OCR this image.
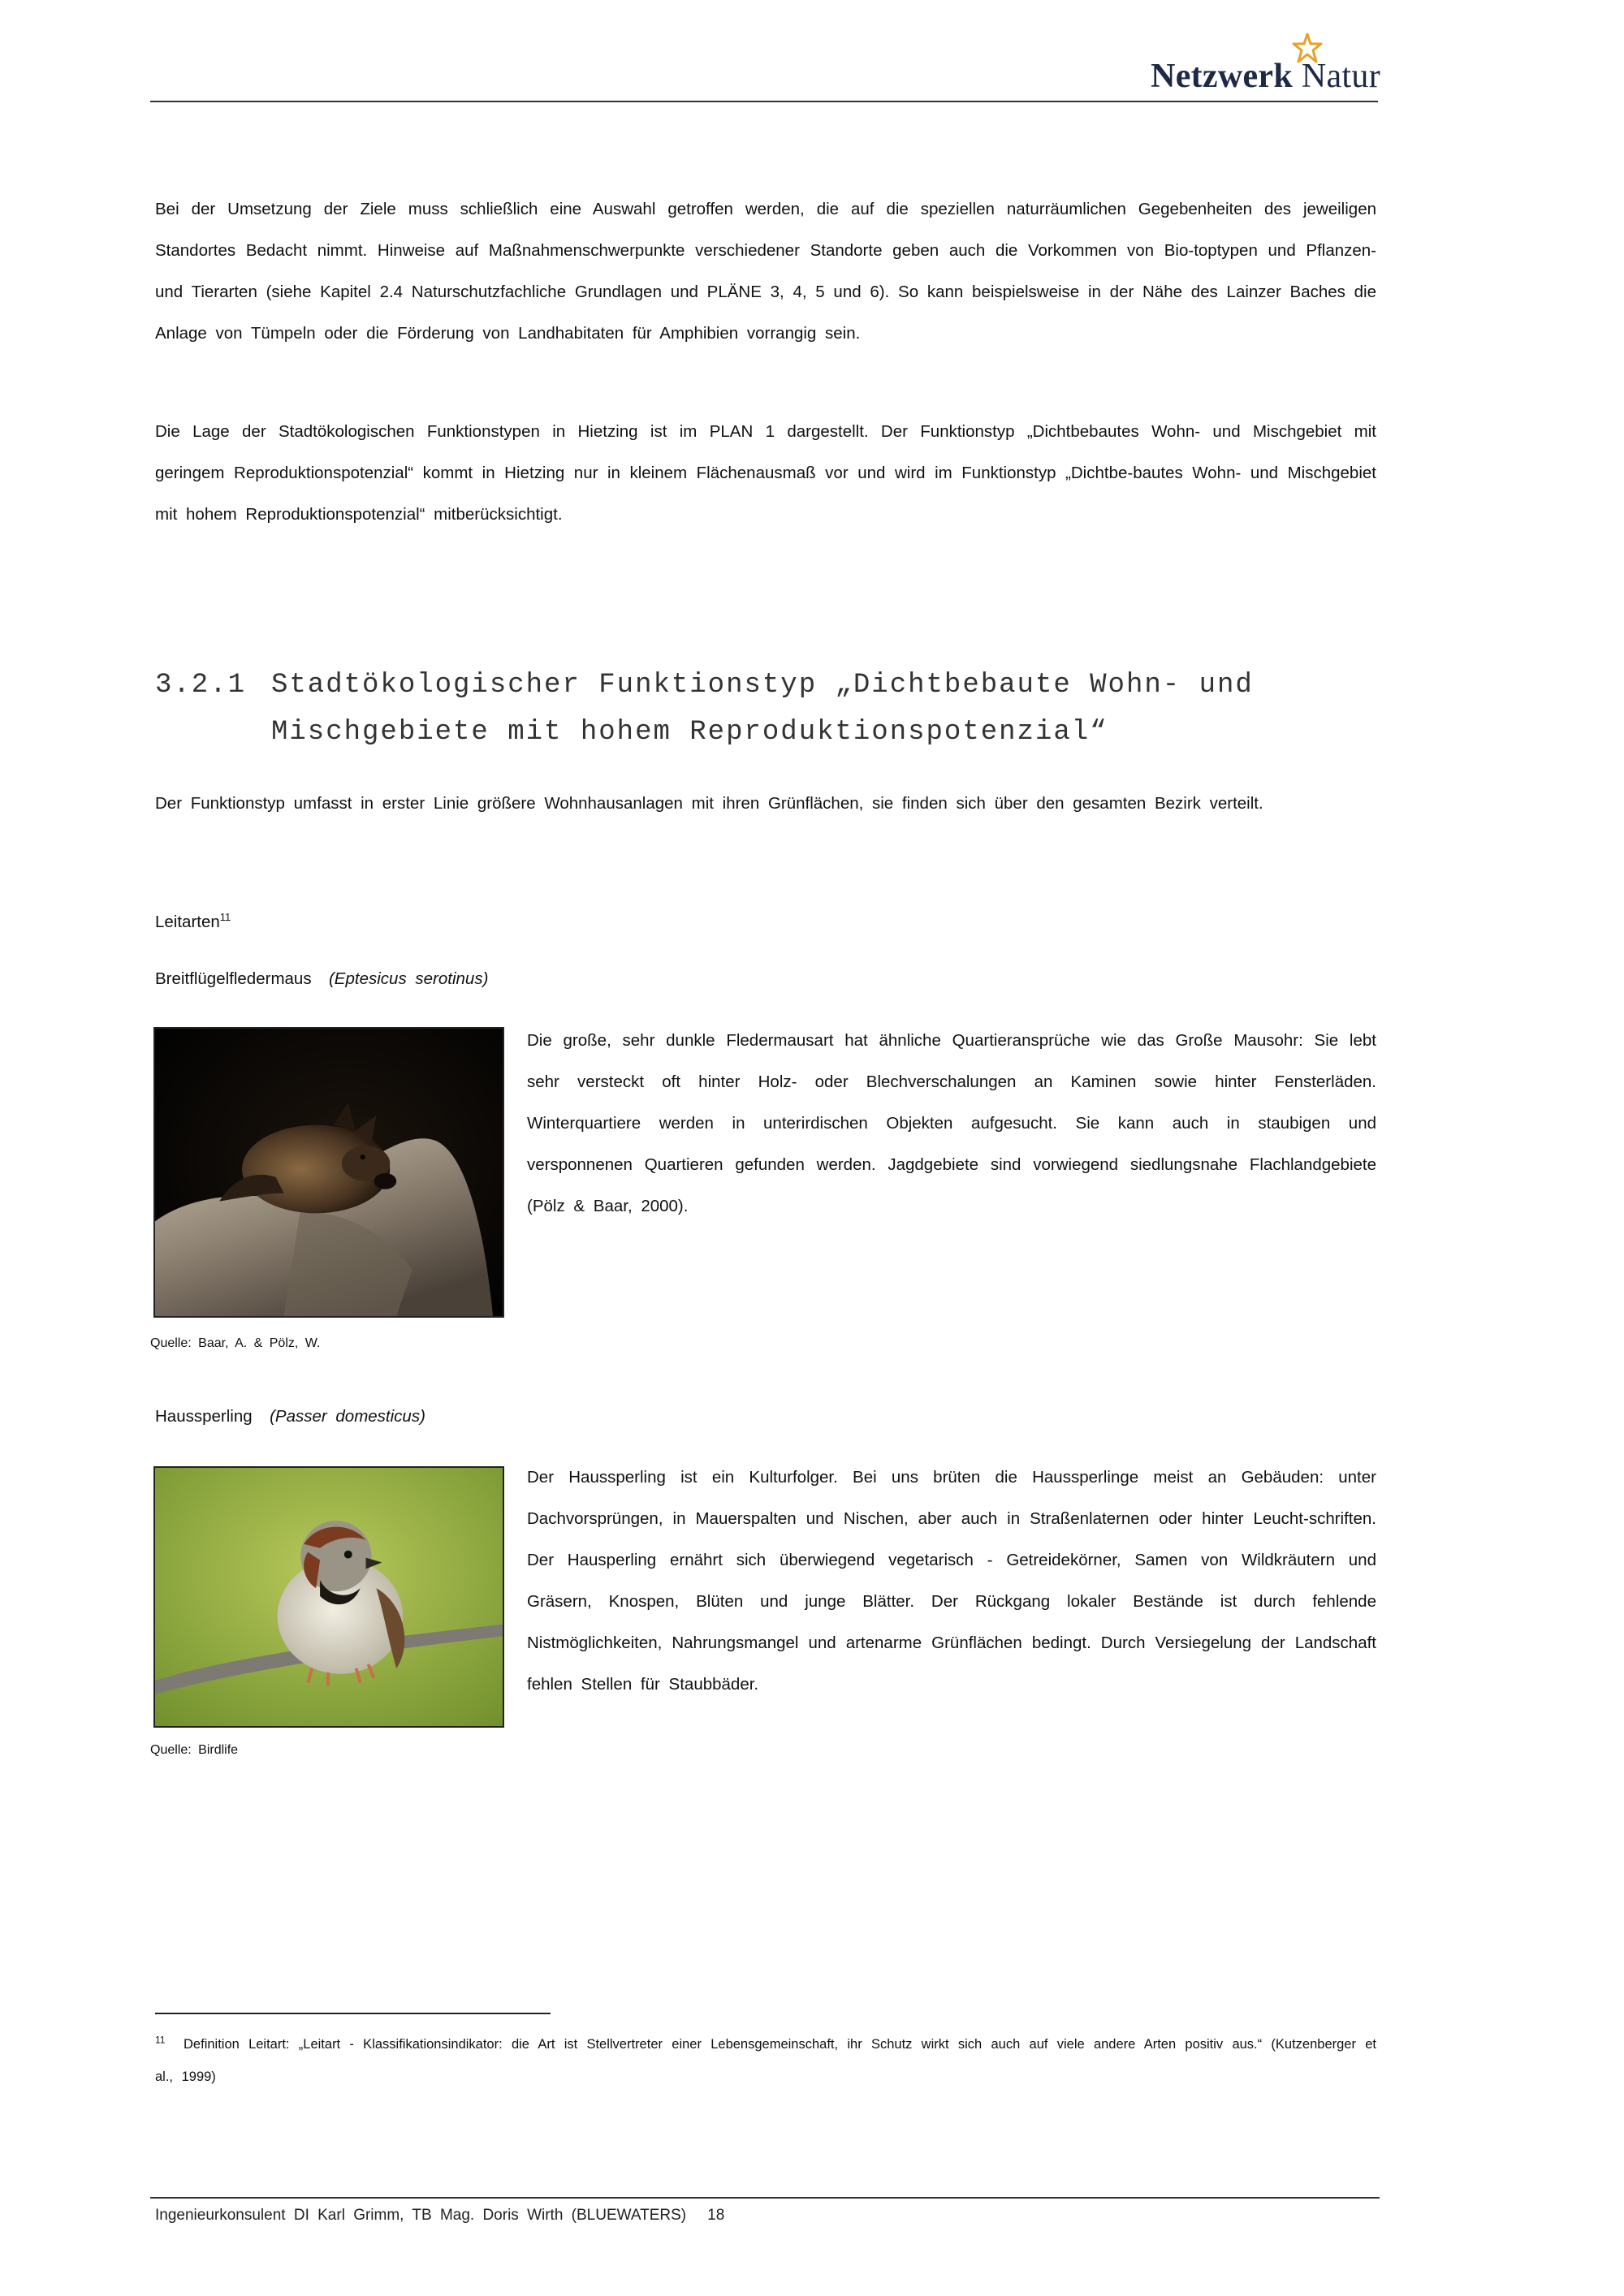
Netzwerk Natur
Bei der Umsetzung der Ziele muss schließlich eine Auswahl getroffen werden, die auf die speziellen naturräumlichen Gegebenheiten des jeweiligen Standortes Bedacht nimmt. Hinweise auf Maßnahmenschwerpunkte verschiedener Standorte geben auch die Vorkommen von Bio-toptypen und Pflanzen- und Tierarten (siehe Kapitel 2.4 Naturschutzfachliche Grundlagen und PLÄNE 3, 4, 5 und 6). So kann beispielsweise in der Nähe des Lainzer Baches die Anlage von Tümpeln oder die Förderung von Landhabitaten für Amphibien vorrangig sein.
Die Lage der Stadtökologischen Funktionstypen in Hietzing ist im PLAN 1 dargestellt. Der Funktionstyp „Dichtbebautes Wohn- und Mischgebiet mit geringem Reproduktionspotenzial“ kommt in Hietzing nur in kleinem Flächenausmaß vor und wird im Funktionstyp „Dichtbe-bautes Wohn- und Mischgebiet mit hohem Reproduktionspotenzial“ mitberücksichtigt.
3.2.1 Stadtökologischer Funktionstyp „Dichtbebaute Wohn- und
Mischgebiete mit hohem Reproduktionspotenzial“
Der Funktionstyp umfasst in erster Linie größere Wohnhausanlagen mit ihren Grünflächen, sie finden sich über den gesamten Bezirk verteilt.
Leitarten$^{11}$
Breitflügelfledermaus (Eptesicus serotinus)
Die große, sehr dunkle Fledermausart hat ähnliche Quartieransprüche wie das Große Mausohr: Sie lebt sehr versteckt oft hinter Holz- oder Blechverschalungen an Kaminen sowie hinter Fensterläden. Winterquartiere werden in unterirdischen Objekten aufgesucht. Sie kann auch in staubigen und versponnenen Quartieren gefunden werden. Jagdgebiete sind vorwiegend siedlungsnahe Flachlandgebiete (Pölz & Baar, 2000).
Quelle: Baar, A. & Pölz, W.
Haussperling (Passer domesticus)
Der Haussperling ist ein Kulturfolger. Bei uns brüten die Haussperlinge meist an Gebäuden: unter Dachvorsprüngen, in Mauerspalten und Nischen, aber auch in Straßenlaternen oder hinter Leucht-schriften. Der Hausperling ernährt sich überwiegend vegetarisch - Getreidekörner, Samen von Wildkräutern und Gräsern, Knospen, Blüten und junge Blätter. Der Rückgang lokaler Bestände ist durch fehlende Nistmöglichkeiten, Nahrungsmangel und artenarme Grünflächen bedingt. Durch Versiegelung der Landschaft fehlen Stellen für Staubbäder.
Quelle: Birdlife
$^{11}$ Definition Leitart: „Leitart - Klassifikationsindikator: die Art ist Stellvertreter einer Lebensgemeinschaft, ihr Schutz wirkt sich auch auf viele andere Arten positiv aus.“ (Kutzenberger et al., 1999)
Ingenieurkonsulent DI Karl Grimm, TB Mag. Doris Wirth (BLUEWATERS) 18
